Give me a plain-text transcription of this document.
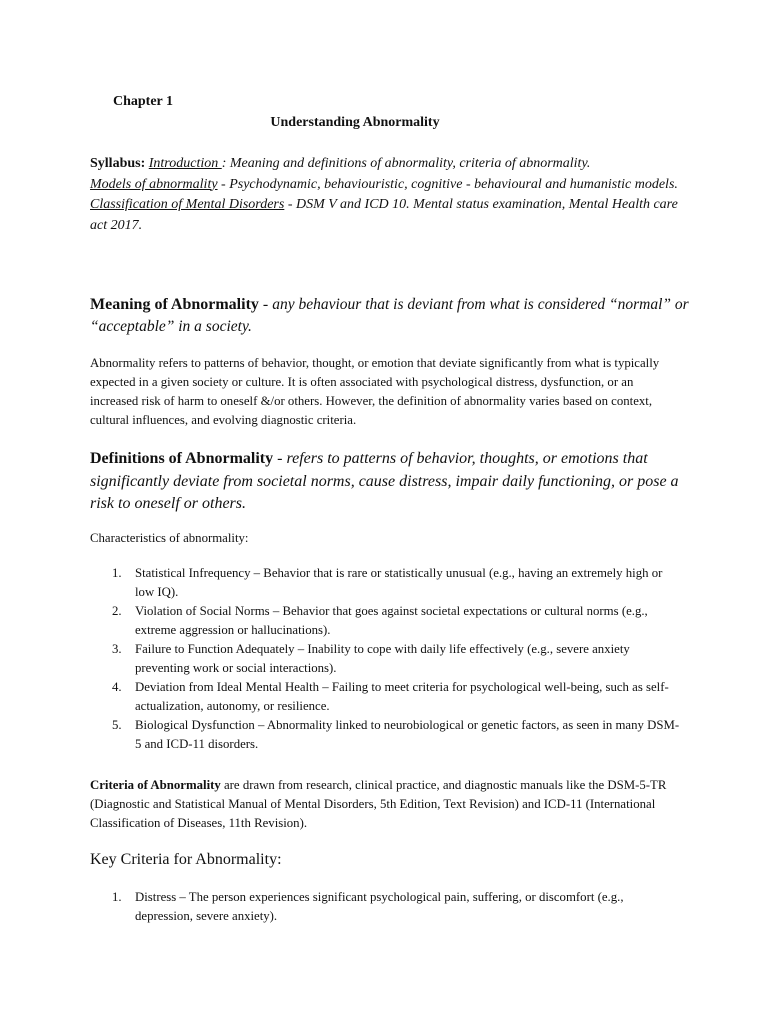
Chapter 1
Understanding Abnormality

Syllabus: Introduction : Meaning and definitions of abnormality, criteria of abnormality.

Models of abnormality - Psychodynamic, behaviouristic, cognitive - behavioural and humanistic models.

Classification of Mental Disorders - DSM V and ICD 10. Mental status examination, Mental Health care act 2017.

Meaning of Abnormality - any behaviour that is deviant from what is considered “normal” or “acceptable” in a society.
Abnormality refers to patterns of behavior, thought, or emotion that deviate significantly from what is typically expected in a given society or culture. It is often associated with psychological distress, dysfunction, or an increased risk of harm to oneself &/or others. However, the definition of abnormality varies based on context, cultural influences, and evolving diagnostic criteria.
Definitions of Abnormality - refers to patterns of behavior, thoughts, or emotions that significantly deviate from societal norms, cause distress, impair daily functioning, or pose a risk to oneself or others.
Characteristics of abnormality:
1. Statistical Infrequency – Behavior that is rare or statistically unusual (e.g., having an extremely high or low IQ).
2. Violation of Social Norms – Behavior that goes against societal expectations or cultural norms (e.g., extreme aggression or hallucinations).
3. Failure to Function Adequately – Inability to cope with daily life effectively (e.g., severe anxiety preventing work or social interactions).
4. Deviation from Ideal Mental Health – Failing to meet criteria for psychological well-being, such as self-actualization, autonomy, or resilience.
5. Biological Dysfunction – Abnormality linked to neurobiological or genetic factors, as seen in many DSM-5 and ICD-11 disorders.
Criteria of Abnormality are drawn from research, clinical practice, and diagnostic manuals like the DSM-5-TR (Diagnostic and Statistical Manual of Mental Disorders, 5th Edition, Text Revision) and ICD-11 (International Classification of Diseases, 11th Revision).
Key Criteria for Abnormality:
1. Distress – The person experiences significant psychological pain, suffering, or discomfort (e.g., depression, severe anxiety).
